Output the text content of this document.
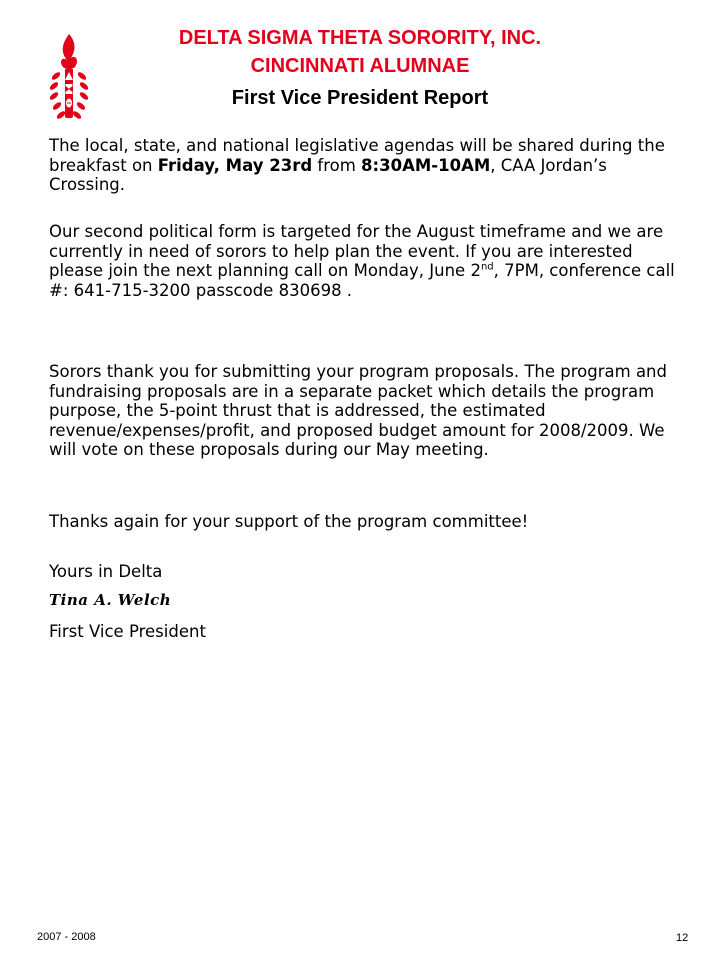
DELTA SIGMA THETA SORORITY, INC.
CINCINNATI ALUMNAE
First Vice President Report
The local, state, and national legislative agendas will be shared during the breakfast on Friday, May 23rd from 8:30AM-10AM, CAA Jordan’s Crossing.
Our second political form is targeted for the August timeframe and we are currently in need of sorors to help plan the event. If you are interested please join the next planning call on Monday, June 2nd, 7PM, conference call #: 641-715-3200 passcode 830698 .
Sorors thank you for submitting your program proposals. The program and fundraising proposals are in a separate packet which details the program purpose, the 5-point thrust that is addressed, the estimated revenue/expenses/profit, and proposed budget amount for 2008/2009. We will vote on these proposals during our May meeting.
Thanks again for your support of the program committee!
Yours in Delta
Tina A. Welch
First Vice President
2007 - 2008	12
